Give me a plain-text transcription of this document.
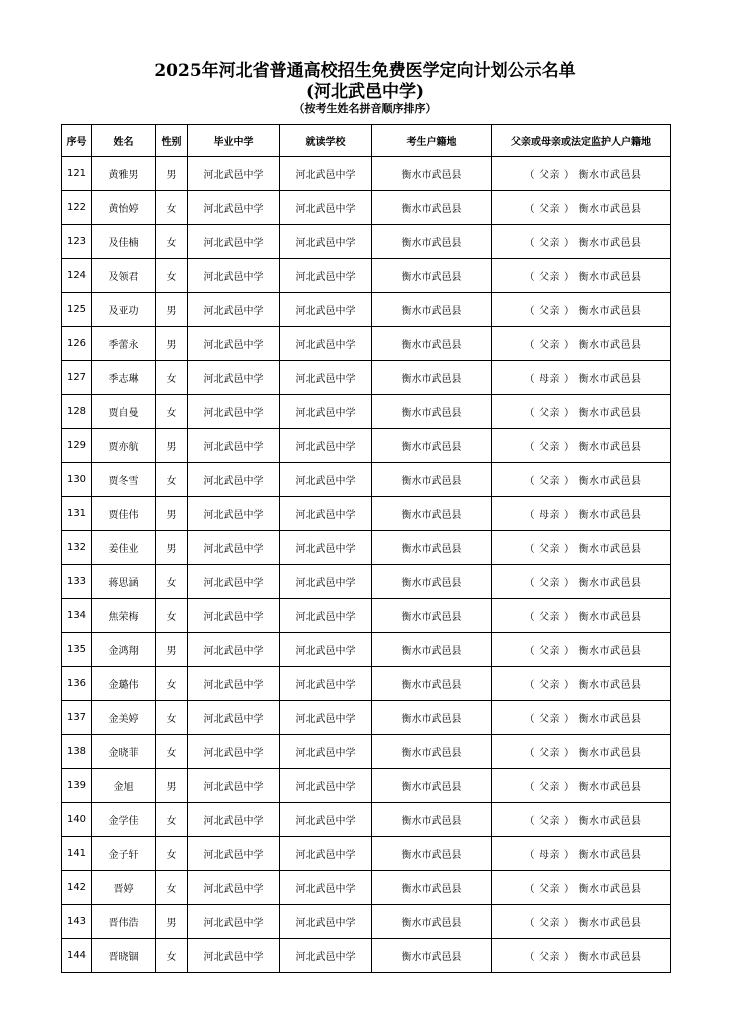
2025年河北省普通高校招生免费医学定向计划公示名单
(河北武邑中学)
（按考生姓名拼音顺序排序）
序号	姓名	性别	毕业中学	就读学校	考生户籍地	父亲或母亲或法定监护人户籍地
121	黄雅男	男	河北武邑中学	河北武邑中学	衡水市武邑县	（ 父亲 ） 衡水市武邑县
122	黄怡婷	女	河北武邑中学	河北武邑中学	衡水市武邑县	（ 父亲 ） 衡水市武邑县
123	及佳楠	女	河北武邑中学	河北武邑中学	衡水市武邑县	（ 父亲 ） 衡水市武邑县
124	及领君	女	河北武邑中学	河北武邑中学	衡水市武邑县	（ 父亲 ） 衡水市武邑县
125	及亚功	男	河北武邑中学	河北武邑中学	衡水市武邑县	（ 父亲 ） 衡水市武邑县
126	季蕾永	男	河北武邑中学	河北武邑中学	衡水市武邑县	（ 父亲 ） 衡水市武邑县
127	季志琳	女	河北武邑中学	河北武邑中学	衡水市武邑县	（ 母亲 ） 衡水市武邑县
128	贾自曼	女	河北武邑中学	河北武邑中学	衡水市武邑县	（ 父亲 ） 衡水市武邑县
129	贾亦航	男	河北武邑中学	河北武邑中学	衡水市武邑县	（ 父亲 ） 衡水市武邑县
130	贾冬雪	女	河北武邑中学	河北武邑中学	衡水市武邑县	（ 父亲 ） 衡水市武邑县
131	贾佳伟	男	河北武邑中学	河北武邑中学	衡水市武邑县	（ 母亲 ） 衡水市武邑县
132	姜佳业	男	河北武邑中学	河北武邑中学	衡水市武邑县	（ 父亲 ） 衡水市武邑县
133	蒋思涵	女	河北武邑中学	河北武邑中学	衡水市武邑县	（ 父亲 ） 衡水市武邑县
134	焦荣梅	女	河北武邑中学	河北武邑中学	衡水市武邑县	（ 父亲 ） 衡水市武邑县
135	金鸿翔	男	河北武邑中学	河北武邑中学	衡水市武邑县	（ 父亲 ） 衡水市武邑县
136	金璐伟	女	河北武邑中学	河北武邑中学	衡水市武邑县	（ 父亲 ） 衡水市武邑县
137	金美婷	女	河北武邑中学	河北武邑中学	衡水市武邑县	（ 父亲 ） 衡水市武邑县
138	金晓菲	女	河北武邑中学	河北武邑中学	衡水市武邑县	（ 父亲 ） 衡水市武邑县
139	金旭	男	河北武邑中学	河北武邑中学	衡水市武邑县	（ 父亲 ） 衡水市武邑县
140	金学佳	女	河北武邑中学	河北武邑中学	衡水市武邑县	（ 父亲 ） 衡水市武邑县
141	金子轩	女	河北武邑中学	河北武邑中学	衡水市武邑县	（ 母亲 ） 衡水市武邑县
142	晋婷	女	河北武邑中学	河北武邑中学	衡水市武邑县	（ 父亲 ） 衡水市武邑县
143	晋伟浩	男	河北武邑中学	河北武邑中学	衡水市武邑县	（ 父亲 ） 衡水市武邑县
144	晋晓锢	女	河北武邑中学	河北武邑中学	衡水市武邑县	（ 父亲 ） 衡水市武邑县
